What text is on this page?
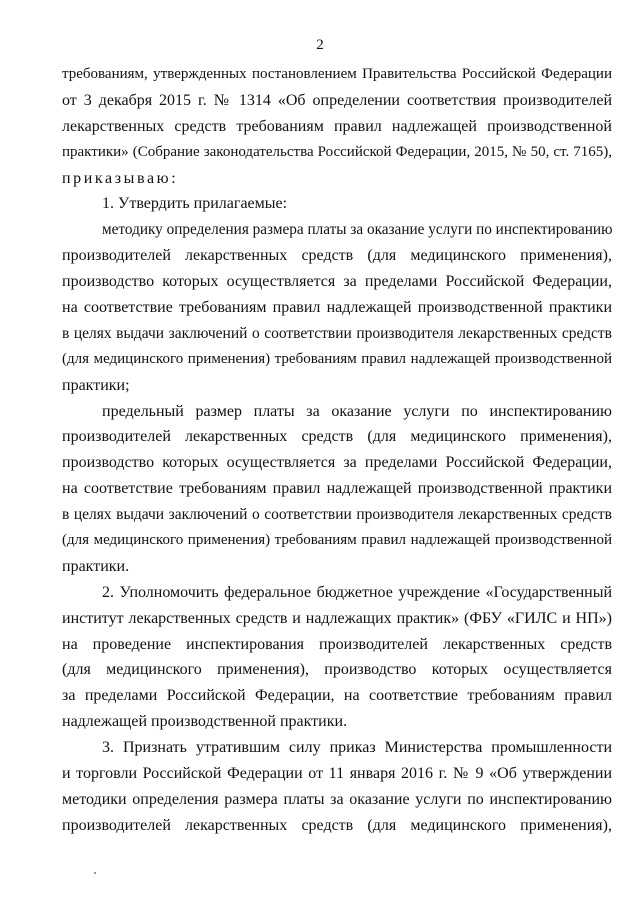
2
требованиям, утвержденных постановлением Правительства Российской Федерации
от 3 декабря 2015 г. № 1314 «Об определении соответствия производителей
лекарственных средств требованиям правил надлежащей производственной
практики» (Собрание законодательства Российской Федерации, 2015, № 50, ст. 7165),
приказываю:
1. Утвердить прилагаемые:
методику определения размера платы за оказание услуги по инспектированию
производителей лекарственных средств (для медицинского применения),
производство которых осуществляется за пределами Российской Федерации,
на соответствие требованиям правил надлежащей производственной практики
в целях выдачи заключений о соответствии производителя лекарственных средств
(для медицинского применения) требованиям правил надлежащей производственной
практики;
предельный размер платы за оказание услуги по инспектированию
производителей лекарственных средств (для медицинского применения),
производство которых осуществляется за пределами Российской Федерации,
на соответствие требованиям правил надлежащей производственной практики
в целях выдачи заключений о соответствии производителя лекарственных средств
(для медицинского применения) требованиям правил надлежащей производственной
практики.
2. Уполномочить федеральное бюджетное учреждение «Государственный
институт лекарственных средств и надлежащих практик» (ФБУ «ГИЛС и НП»)
на проведение инспектирования производителей лекарственных средств
(для медицинского применения), производство которых осуществляется
за пределами Российской Федерации, на соответствие требованиям правил
надлежащей производственной практики.
3. Признать утратившим силу приказ Министерства промышленности
и торговли Российской Федерации от 11 января 2016 г. № 9 «Об утверждении
методики определения размера платы за оказание услуги по инспектированию
производителей лекарственных средств (для медицинского применения),
